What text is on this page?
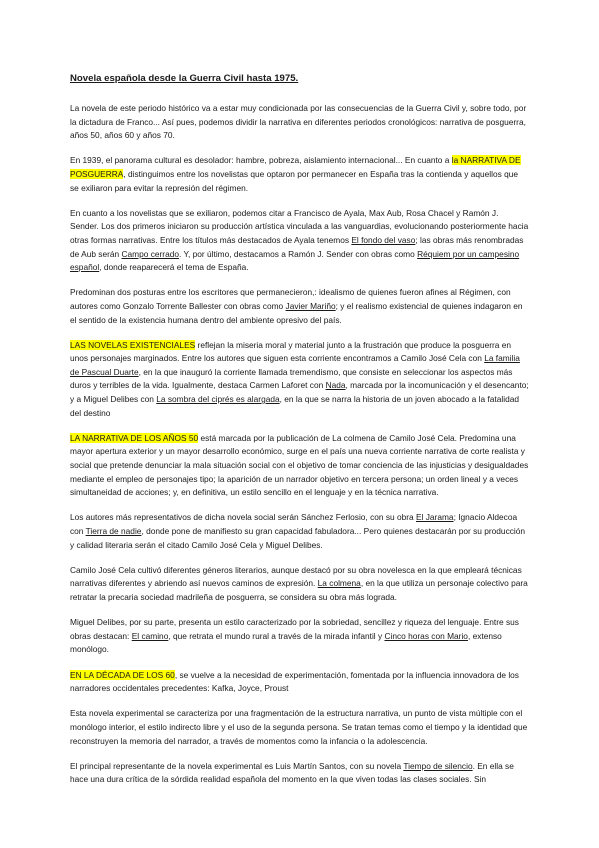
Novela española desde la Guerra Civil hasta 1975.

La novela de este periodo histórico va a estar muy condicionada por las consecuencias de la Guerra Civil y, sobre todo, por la dictadura de Franco... Así pues, podemos dividir la narrativa en diferentes periodos cronológicos: narrativa de posguerra, años 50, años 60 y años 70.

En 1939, el panorama cultural es desolador: hambre, pobreza, aislamiento internacional... En cuanto a la NARRATIVA DE POSGUERRA, distinguimos entre los novelistas que optaron por permanecer en España tras la contienda y aquellos que se exiliaron para evitar la represión del régimen.

En cuanto a los novelistas que se exiliaron, podemos citar a Francisco de Ayala, Max Aub, Rosa Chacel y Ramón J. Sender. Los dos primeros iniciaron su producción artística vinculada a las vanguardias, evolucionando posteriormente hacia otras formas narrativas. Entre los títulos más destacados de Ayala tenemos El fondo del vaso; las obras más renombradas de Aub serán Campo cerrado. Y, por último, destacamos a Ramón J. Sender con obras como Réquiem por un campesino español, donde reaparecerá el tema de España.

Predominan dos posturas entre los escritores que permanecieron,: idealismo de quienes fueron afines al Régimen, con autores como Gonzalo Torrente Ballester con obras como Javier Mariño; y el realismo existencial de quienes indagaron en el sentido de la existencia humana dentro del ambiente opresivo del país.

LAS NOVELAS EXISTENCIALES reflejan la miseria moral y material junto a la frustración que produce la posguerra en unos personajes marginados. Entre los autores que siguen esta corriente encontramos a Camilo José Cela con La familia de Pascual Duarte, en la que inauguró la corriente llamada tremendismo, que consiste en seleccionar los aspectos más duros y terribles de la vida. Igualmente, destaca Carmen Laforet con Nada, marcada por la incomunicación y el desencanto; y a Miguel Delibes con La sombra del ciprés es alargada, en la que se narra la historia de un joven abocado a la fatalidad del destino

LA NARRATIVA DE LOS AÑOS 50 está marcada por la publicación de La colmena de Camilo José Cela. Predomina una mayor apertura exterior y un mayor desarrollo económico, surge en el país una nueva corriente narrativa de corte realista y social que pretende denunciar la mala situación social con el objetivo de tomar conciencia de las injusticias y desigualdades mediante el empleo de personajes tipo; la aparición de un narrador objetivo en tercera persona; un orden lineal y a veces simultaneidad de acciones; y, en definitiva, un estilo sencillo en el lenguaje y en la técnica narrativa.

Los autores más representativos de dicha novela social serán Sánchez Ferlosio, con su obra El Jarama; Ignacio Aldecoa con Tierra de nadie, donde pone de manifiesto su gran capacidad fabuladora... Pero quienes destacarán por su producción y calidad literaria serán el citado Camilo José Cela y Miguel Delibes.

Camilo José Cela cultivó diferentes géneros literarios, aunque destacó por su obra novelesca en la que empleará técnicas narrativas diferentes y abriendo así nuevos caminos de expresión. La colmena, en la que utiliza un personaje colectivo para retratar la precaria sociedad madrileña de posguerra, se considera su obra más lograda.

Miguel Delibes, por su parte, presenta un estilo caracterizado por la sobriedad, sencillez y riqueza del lenguaje. Entre sus obras destacan: El camino, que retrata el mundo rural a través de la mirada infantil y Cinco horas con Mario, extenso monólogo.

EN LA DÉCADA DE LOS 60, se vuelve a la necesidad de experimentación, fomentada por la influencia innovadora de los narradores occidentales precedentes: Kafka, Joyce, Proust

Esta novela experimental se caracteriza por una fragmentación de la estructura narrativa, un punto de vista múltiple con el monólogo interior, el estilo indirecto libre y el uso de la segunda persona. Se tratan temas como el tiempo y la identidad que reconstruyen la memoria del narrador, a través de momentos como la infancia o la adolescencia.

El principal representante de la novela experimental es Luis Martín Santos, con su novela Tiempo de silencio. En ella se hace una dura crítica de la sórdida realidad española del momento en la que viven todas las clases sociales. Sin
